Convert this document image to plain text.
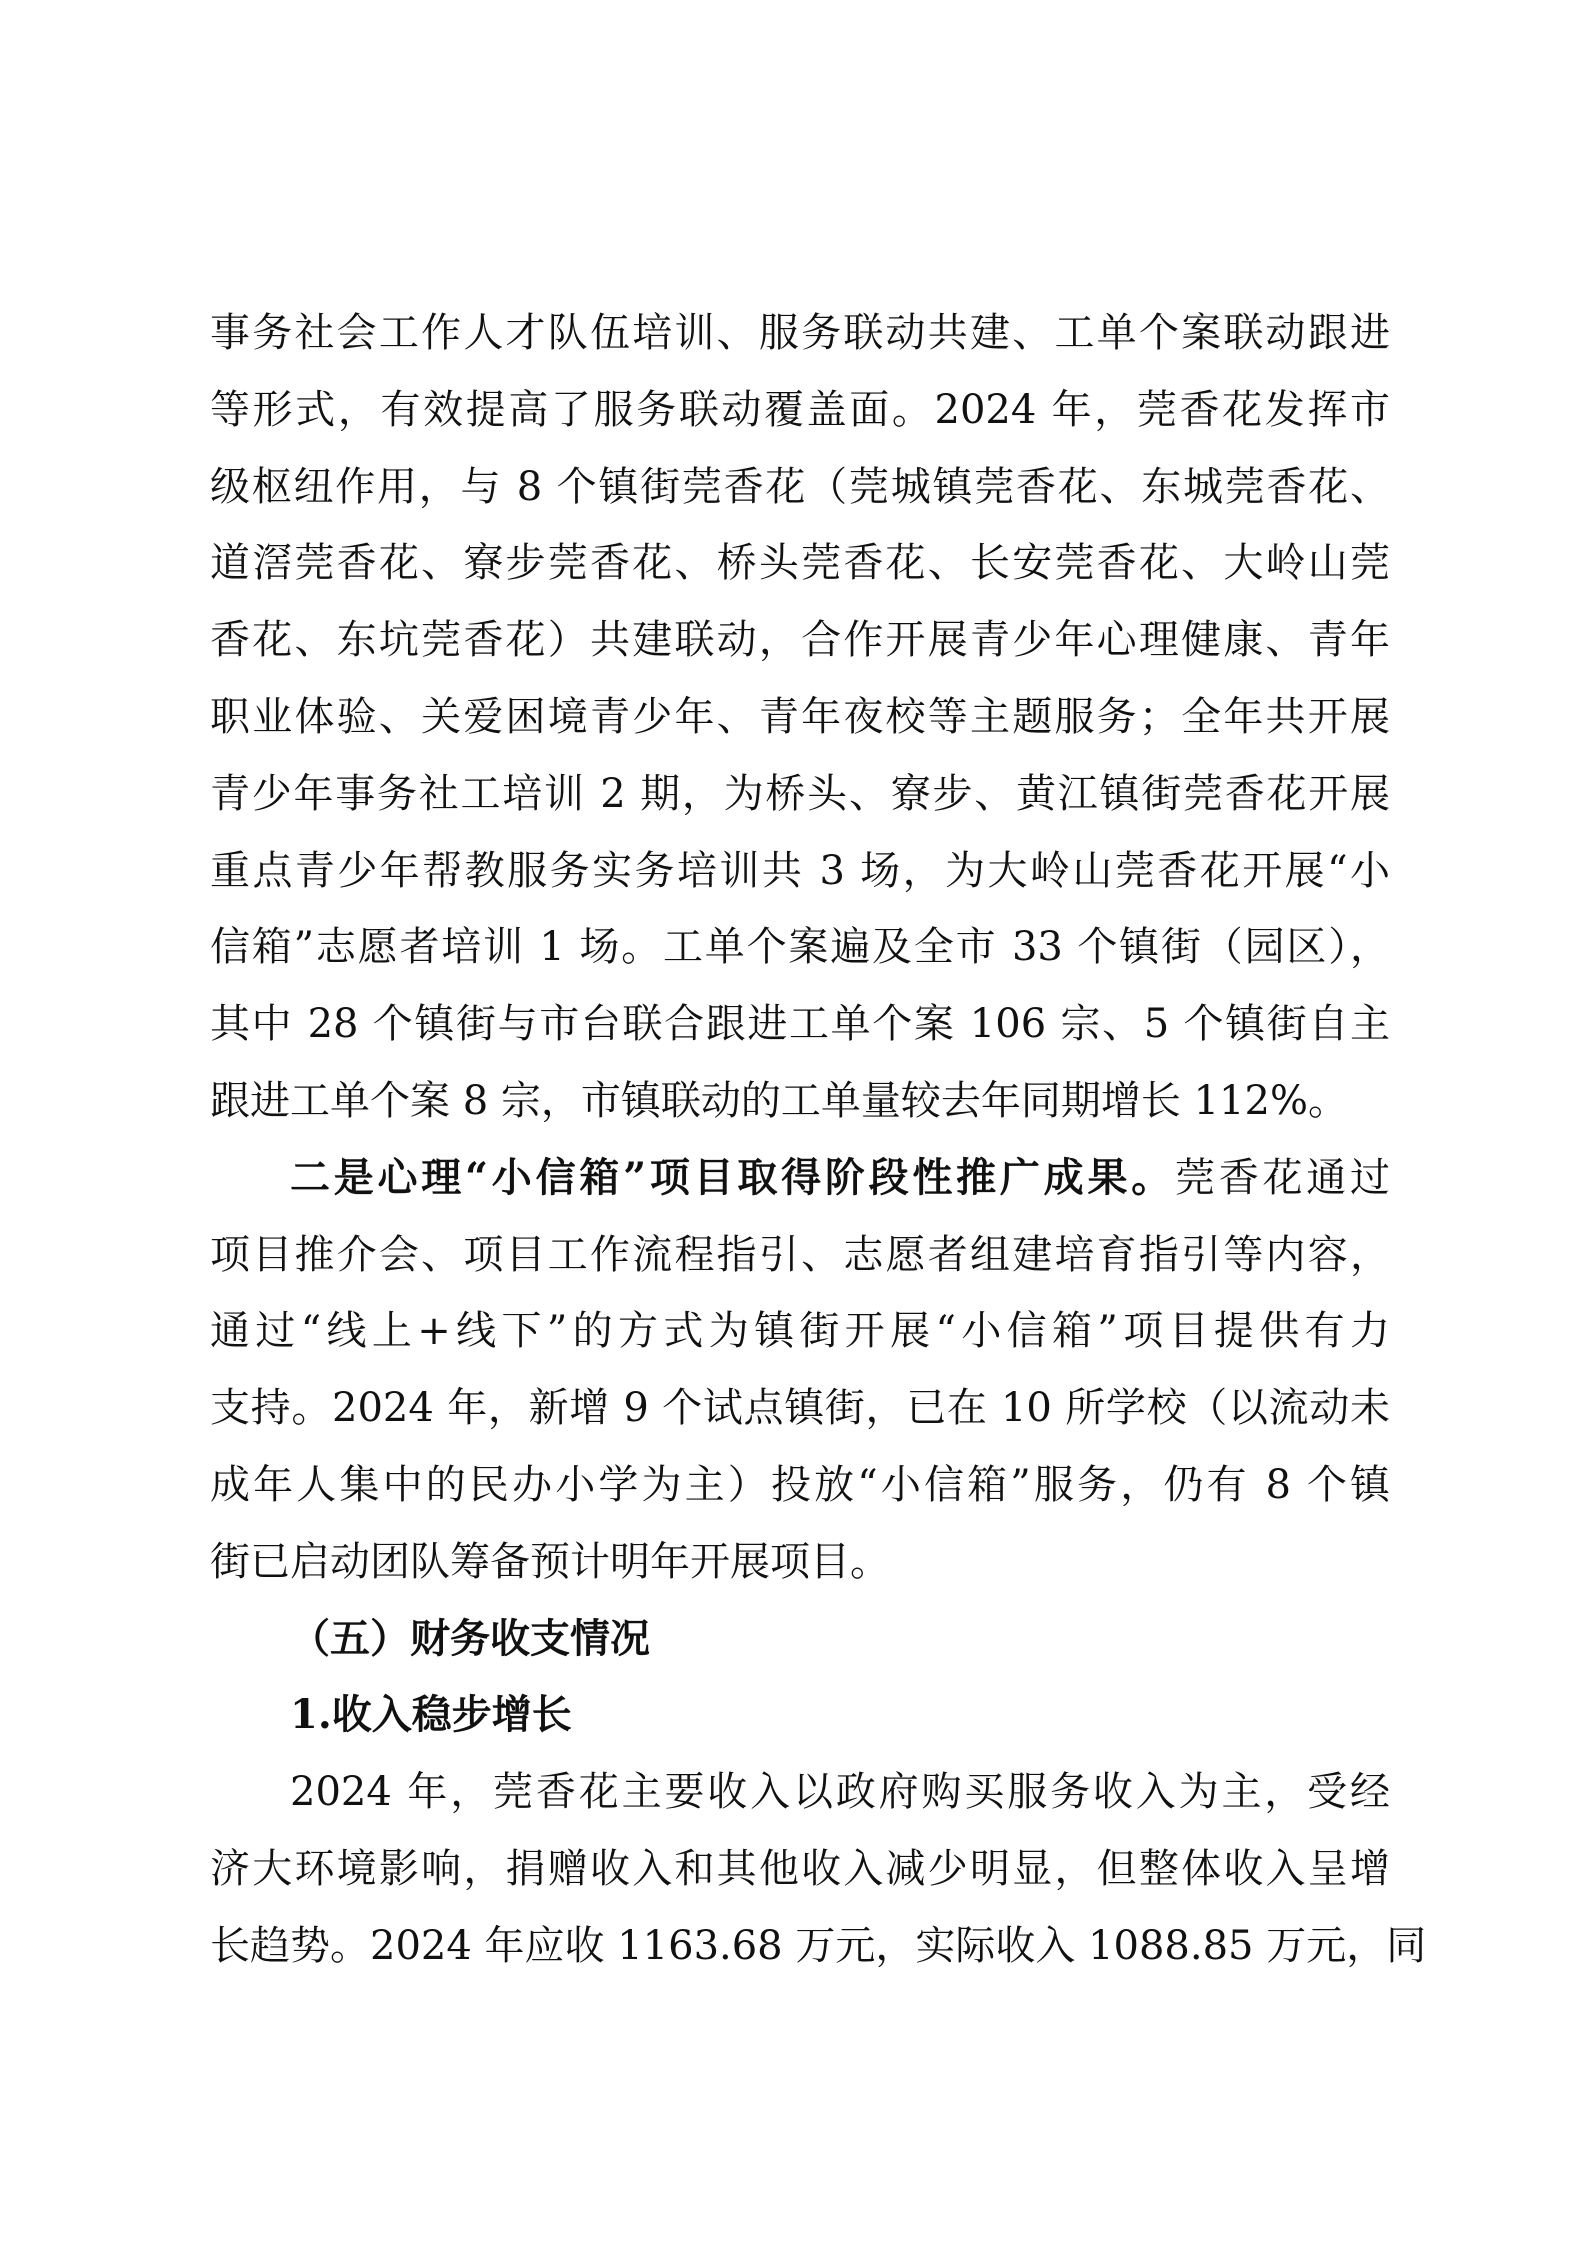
事务社会工作人才队伍培训、服务联动共建、工单个案联动跟进
等形式，有效提高了服务联动覆盖面。2024 年，莞香花发挥市
级枢纽作用，与 8 个镇街莞香花（莞城镇莞香花、东城莞香花、
道滘莞香花、寮步莞香花、桥头莞香花、长安莞香花、大岭山莞
香花、东坑莞香花）共建联动，合作开展青少年心理健康、青年
职业体验、关爱困境青少年、青年夜校等主题服务；全年共开展
青少年事务社工培训 2 期，为桥头、寮步、黄江镇街莞香花开展
重点青少年帮教服务实务培训共 3 场，为大岭山莞香花开展“小
信箱”志愿者培训 1 场。工单个案遍及全市 33 个镇街（园区），
其中 28 个镇街与市台联合跟进工单个案 106 宗、5 个镇街自主
跟进工单个案 8 宗，市镇联动的工单量较去年同期增长 112%。
二是心理“小信箱”项目取得阶段性推广成果。莞香花通过
项目推介会、项目工作流程指引、志愿者组建培育指引等内容，
通过“线上+线下”的方式为镇街开展“小信箱”项目提供有力
支持。2024 年，新增 9 个试点镇街，已在 10 所学校（以流动未
成年人集中的民办小学为主）投放“小信箱”服务，仍有 8 个镇
街已启动团队筹备预计明年开展项目。
（五）财务收支情况
1.收入稳步增长
2024 年，莞香花主要收入以政府购买服务收入为主，受经
济大环境影响，捐赠收入和其他收入减少明显，但整体收入呈增
长趋势。2024 年应收 1163.68 万元，实际收入 1088.85 万元，同
